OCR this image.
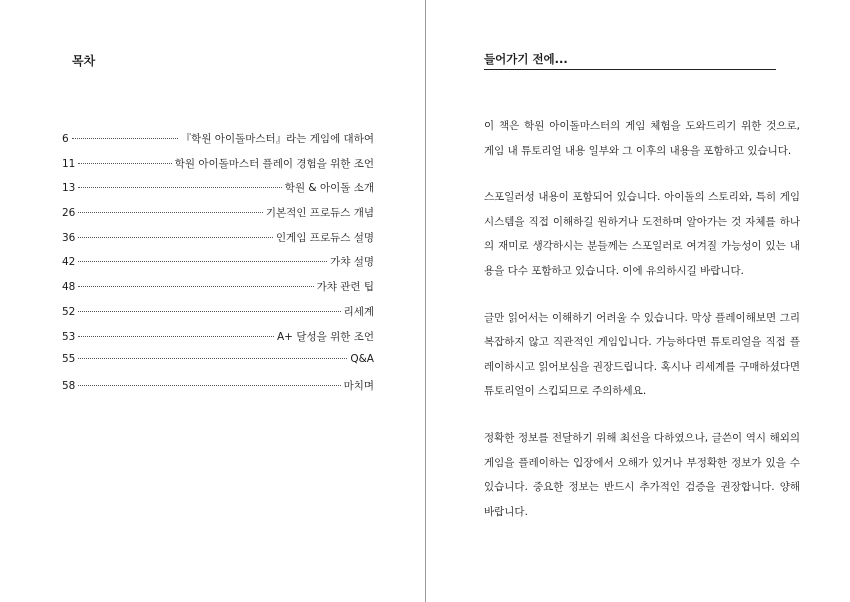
목차
6	『학원 아이돌마스터』라는 게임에 대하여
11	학원 아이돌마스터 플레이 경험을 위한 조언
13	학원 & 아이돌 소개
26	기본적인 프로듀스 개념
36	인게임 프로듀스 설명
42	가챠 설명
48	가챠 관련 팁
52	리세계
53	A+ 달성을 위한 조언
55	Q&A
58	마치며
들어가기 전에...

이 책은 학원 아이돌마스터의 게임 체험을 도와드리기 위한 것으로, 게임 내 튜토리얼 내용 일부와 그 이후의 내용을 포함하고 있습니다.

스포일러성 내용이 포함되어 있습니다. 아이돌의 스토리와, 특히 게임 시스템을 직접 이해하길 원하거나 도전하며 알아가는 것 자체를 하나의 재미로 생각하시는 분들께는 스포일러로 여겨질 가능성이 있는 내용을 다수 포함하고 있습니다. 이에 유의하시길 바랍니다.

글만 읽어서는 이해하기 어려울 수 있습니다. 막상 플레이해보면 그리 복잡하지 않고 직관적인 게임입니다. 가능하다면 튜토리얼을 직접 플레이하시고 읽어보심을 권장드립니다. 혹시나 리세계를 구매하셨다면 튜토리얼이 스킵되므로 주의하세요.

정확한 정보를 전달하기 위해 최선을 다하였으나, 글쓴이 역시 해외의 게임을 플레이하는 입장에서 오해가 있거나 부정확한 정보가 있을 수 있습니다. 중요한 정보는 반드시 추가적인 검증을 권장합니다. 양해 바랍니다.
